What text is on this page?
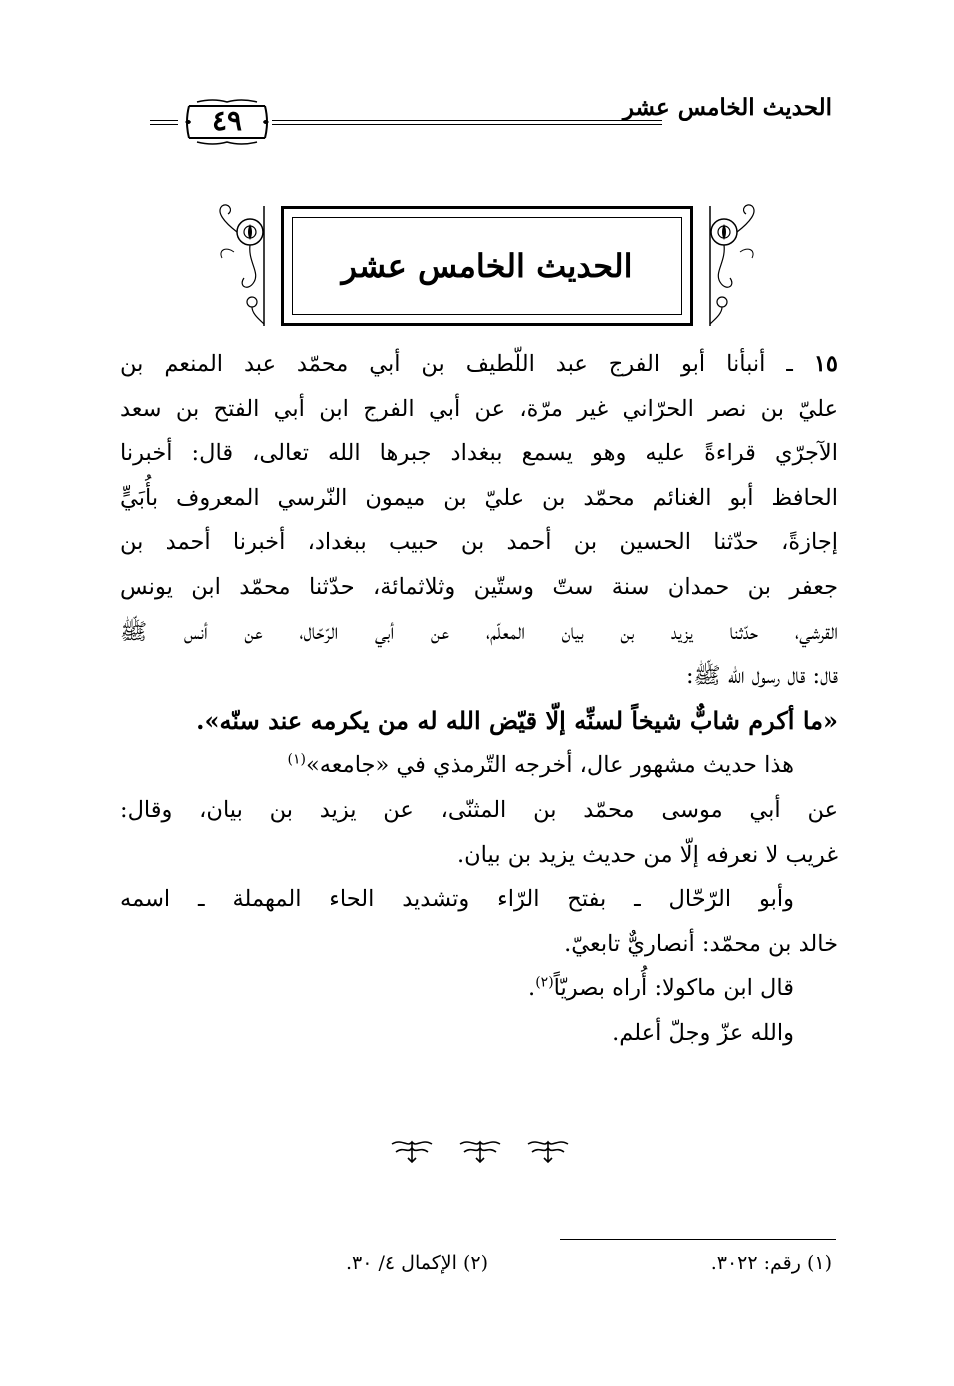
الحديث الخامس عشر
٤٩
الحديث الخامس عشر
١٥ ـ أنبأنا أبو الفرج عبد اللّطيف بن أبي محمّد عبد المنعم بن
عليّ بن نصر الحرّاني غير مرّة، عن أبي الفرج ابن أبي الفتح بن سعد
الآجرّي قراءةً عليه وهو يسمع ببغداد جبرها الله تعالى، قال: أخبرنا
الحافظ أبو الغنائم محمّد بن عليّ بن ميمون النّرسي المعروف بأُبَيٍّ
إجازةً، حدّثنا الحسين بن أحمد بن حبيب ببغداد، أخبرنا أحمد بن
جعفر بن حمدان سنة ستّ وستّين وثلاثمائة، حدّثنا محمّد ابن يونس
القرشي، حدّثنا يزيد بن بيان المعلّم، عن أبي الرّحّال، عن أنس ﷺ
قال: قال رسول الله ﷺ:
«ما أكرم شابٌّ شيخاً لسنِّه إلّا قيّض الله له من يكرمه عند سنّه».
هذا حديث مشهور عال، أخرجه التّرمذي في «جامعه»$^{(١)}$
عن أبي موسى محمّد بن المثنّى، عن يزيد بن بيان، وقال:
غريب لا نعرفه إلّا من حديث يزيد بن بيان.
وأبو الرّحّال ـ بفتح الرّاء وتشديد الحاء المهملة ـ اسمه
خالد بن محمّد: أنصاريٌّ تابعيّ.
قال ابن ماكولا: أُراه بصريّاً$^{(٢)}$.
والله عزّ وجلّ أعلم.
(١) رقم: ٣٠٢٢.
(٢) الإكمال ٤/ ٣٠.
